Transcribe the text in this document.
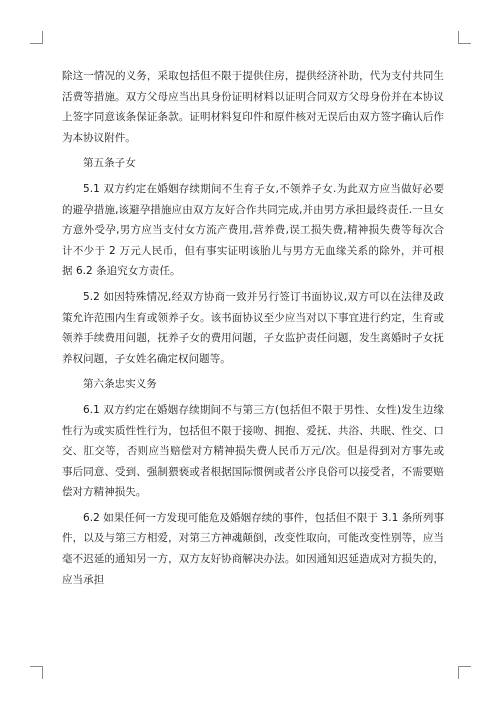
除这一情况的义务，采取包括但不限于提供住房，提供经济补助，代为支付共同生活费等措施。双方父母应当出具身份证明材料以证明合同双方父母身份并在本协议上签字同意该条保证条款。证明材料复印件和原件核对无误后由双方签字确认后作为本协议附件。

第五条子女

5.1 双方约定在婚姻存续期间不生育子女,不领养子女.为此双方应当做好必要的避孕措施,该避孕措施应由双方友好合作共同完成,并由男方承担最终责任.一旦女方意外受孕,男方应当支付女方流产费用,营养费,误工损失费,精神损失费等每次合计不少于 2 万元人民币，但有事实证明该胎儿与男方无血缘关系的除外，并可根据 6.2 条追究女方责任。

5.2 如因特殊情况,经双方协商一致并另行签订书面协议,双方可以在法律及政策允许范围内生育或领养子女。该书面协议至少应当对以下事宜进行约定，生育或领养手续费用问题，抚养子女的费用问题，子女监护责任问题，发生离婚时子女抚养权问题，子女姓名确定权问题等。

第六条忠实义务

6.1 双方约定在婚姻存续期间不与第三方(包括但不限于男性、女性)发生边缘性行为或实质性性行为，包括但不限于接吻、拥抱、爱抚、共浴、共眠、性交、口交、肛交等，否则应当赔偿对方精神损失费人民币万元/次。但是得到对方事先或事后同意、受到、强制猥亵或者根据国际惯例或者公序良俗可以接受者，不需要赔偿对方精神损失。

6.2 如果任何一方发现可能危及婚姻存续的事件，包括但不限于 3.1 条所列事件，以及与第三方相爱，对第三方神魂颠倒，改变性取向，可能改变性别等，应当毫不迟延的通知另一方，双方友好协商解决办法。如因通知迟延造成对方损失的，应当承担
